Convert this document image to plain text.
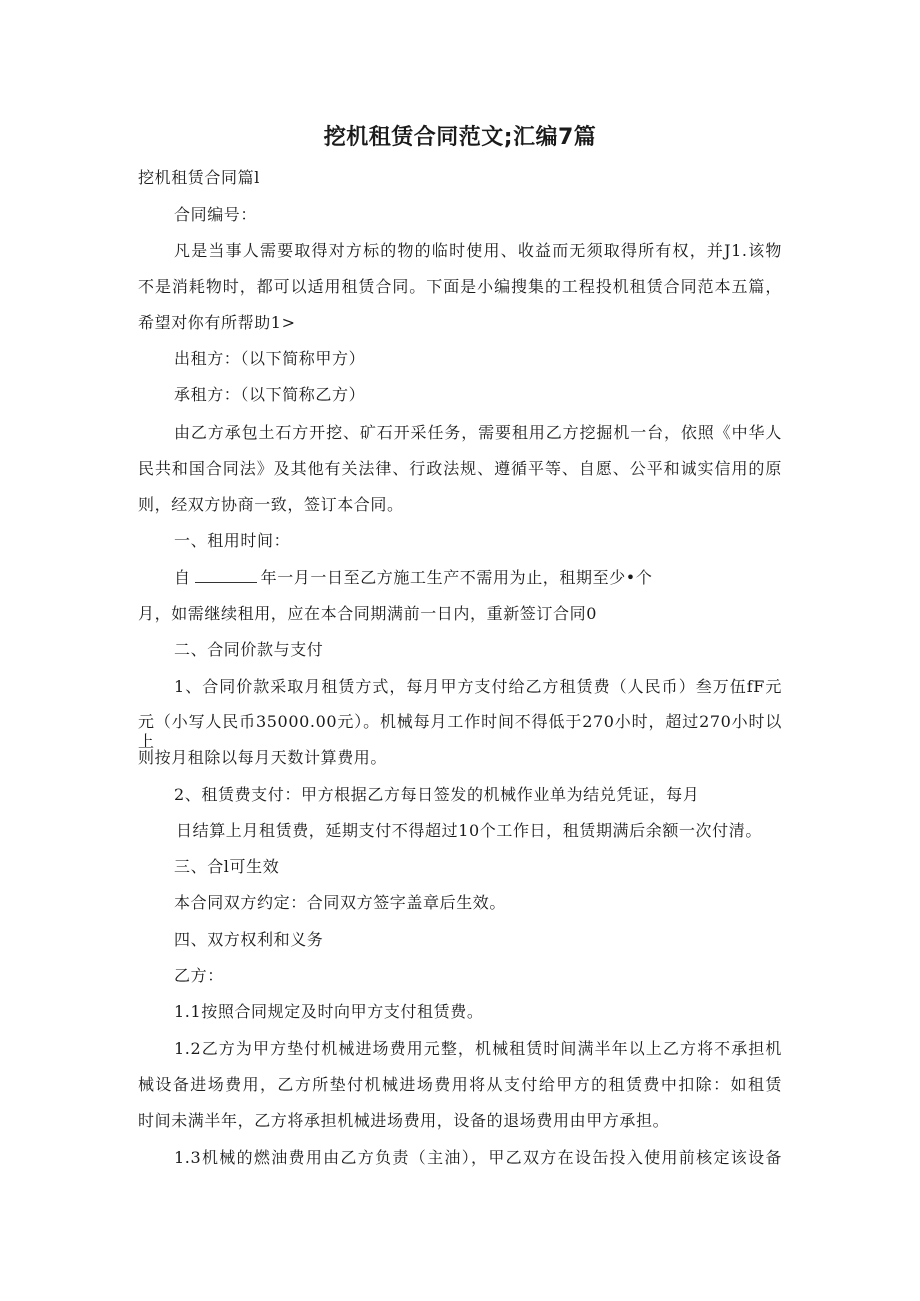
挖机租赁合同范文;汇编7篇
挖机租赁合同篇l
合同编号：
凡是当事人需要取得对方标的物的临时使用、收益而无须取得所有权，并J1.该物
不是消耗物时，都可以适用租赁合同。下面是小编搜集的工程投机租赁合同范本五篇，
希望对你有所帮助1>
出租方：（以下简称甲方）
承租方：（以下简称乙方）
由乙方承包土石方开挖、矿石开采任务，需要租用乙方挖掘机一台，依照《中华人
民共和国合同法》及其他有关法律、行政法规、遵循平等、自愿、公平和诚实信用的原
则，经双方协商一致，签订本合同。
一、租用时间：
自	年一月一日至乙方施工生产不需用为止，租期至少•个
月，如需继续租用，应在本合同期满前一日内，重新签订合同0
二、合同价款与支付
1、合同价款采取月租赁方式，每月甲方支付给乙方租赁费（人民币）叁万伍fF元
元（小写人民币35000.00元）。机械每月工作时间不得低于270小时，超过270小时以上
则按月租除以每月天数计算费用。
2、租赁费支付：甲方根据乙方每日签发的机械作业单为结兑凭证，每月
日结算上月租赁费，延期支付不得超过10个工作日，租赁期满后余额一次付清。
三、合l可生效
本合同双方约定：合同双方签字盖章后生效。
四、双方权利和义务
乙方：
1.1按照合同规定及时向甲方支付租赁费。
1.2乙方为甲方垫付机械进场费用元整，机械租赁时间满半年以上乙方将不承担机
械设备进场费用，乙方所垫付机械进场费用将从支付给甲方的租赁费中扣除：如租赁
时间未满半年，乙方将承担机械进场费用，设备的退场费用由甲方承担。
1.3机械的燃油费用由乙方负责（主油），甲乙双方在设缶投入使用前核定该设备
